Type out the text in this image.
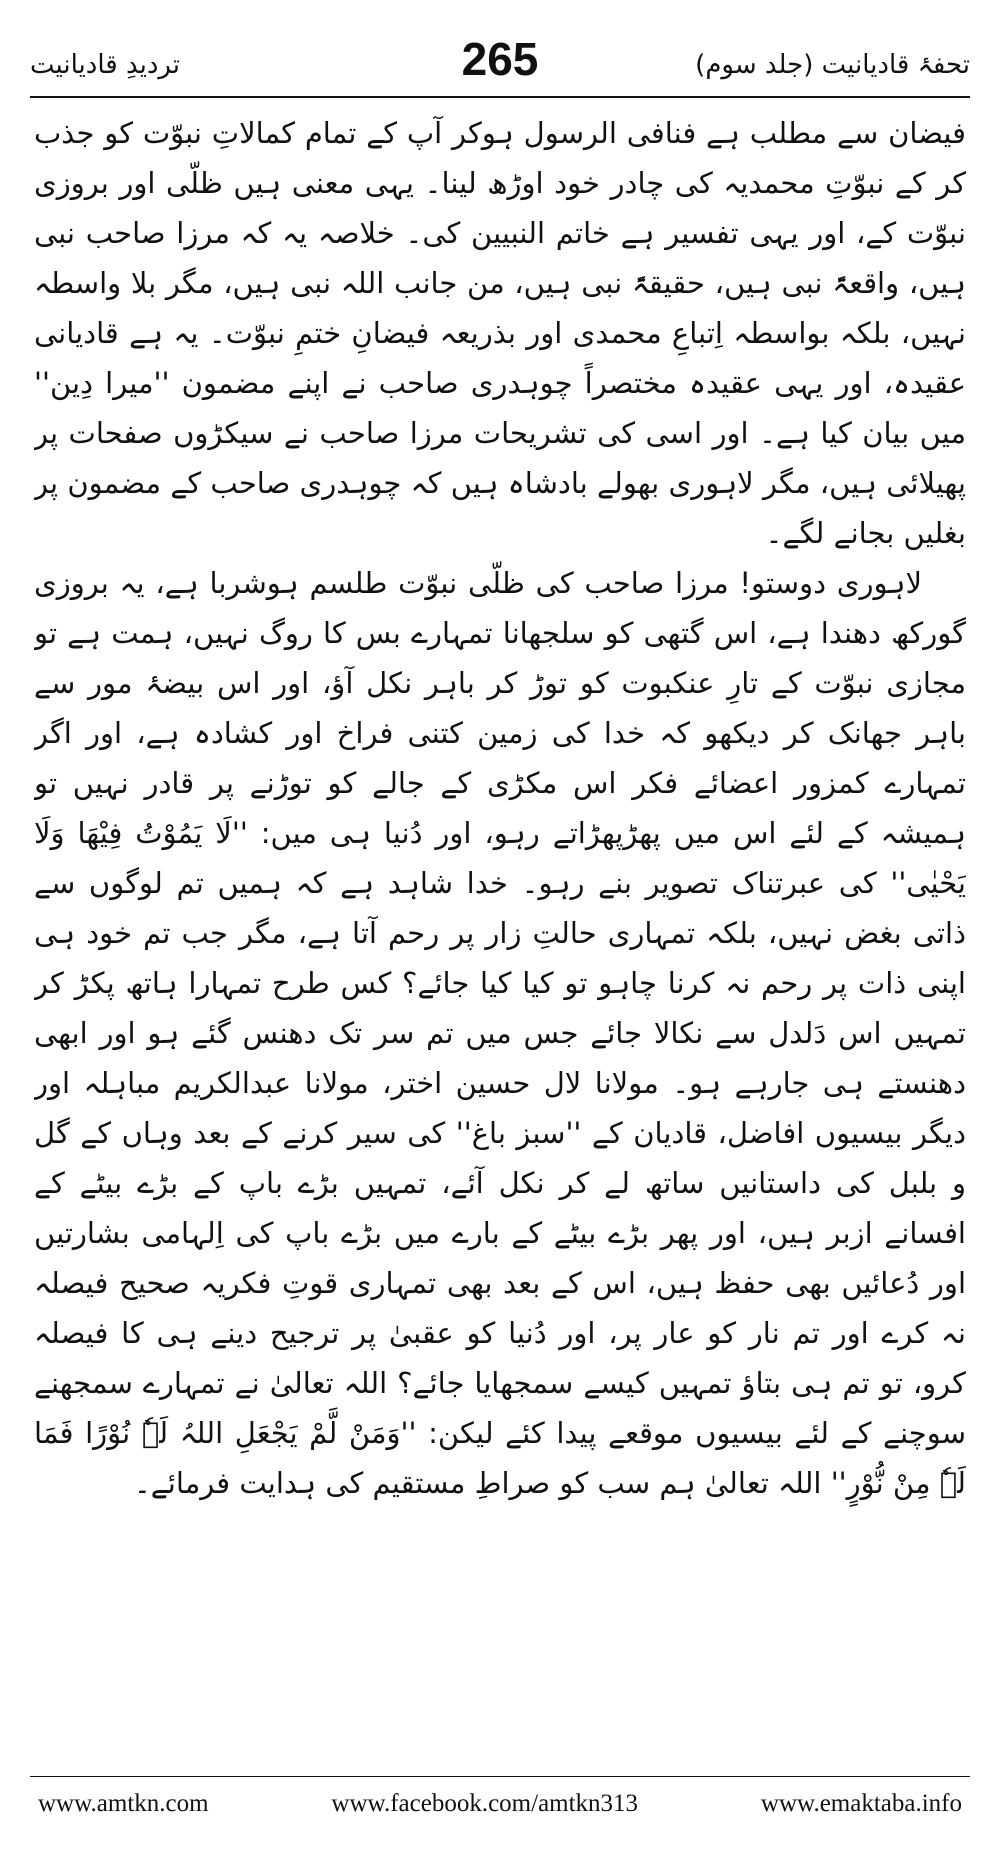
تردیدِ قادیانیت	265	تحفۂ قادیانیت (جلد سوم)

فیضان سے مطلب ہے فنافی الرسول ہوکر آپ کے تمام کمالاتِ نبوّت کو جذب کر کے نبوّتِ محمدیہ کی چادر خود اوڑھ لینا۔ یہی معنی ہیں ظلّی اور بروزی نبوّت کے، اور یہی تفسیر ہے خاتم النبیین کی۔ خلاصہ یہ کہ مرزا صاحب نبی ہیں، واقعۃً نبی ہیں، حقیقۃً نبی ہیں، من جانب اللہ نبی ہیں، مگر بلا واسطہ نہیں، بلکہ بواسطہ اِتباعِ محمدی اور بذریعہ فیضانِ ختمِ نبوّت۔ یہ ہے قادیانی عقیدہ، اور یہی عقیدہ مختصراً چوہدری صاحب نے اپنے مضمون ''میرا دِین'' میں بیان کیا ہے۔ اور اسی کی تشریحات مرزا صاحب نے سیکڑوں صفحات پر پھیلائی ہیں، مگر لاہوری بھولے بادشاہ ہیں کہ چوہدری صاحب کے مضمون پر بغلیں بجانے لگے۔

لاہوری دوستو! مرزا صاحب کی ظلّی نبوّت طلسم ہوشربا ہے، یہ بروزی گورکھ دھندا ہے، اس گتھی کو سلجھانا تمہارے بس کا روگ نہیں، ہمت ہے تو مجازی نبوّت کے تارِ عنکبوت کو توڑ کر باہر نکل آؤ، اور اس بیضۂ مور سے باہر جھانک کر دیکھو کہ خدا کی زمین کتنی فراخ اور کشادہ ہے، اور اگر تمہارے کمزور اعضائے فکر اس مکڑی کے جالے کو توڑنے پر قادر نہیں تو ہمیشہ کے لئے اس میں پھڑپھڑاتے رہو، اور دُنیا ہی میں: ''لَا یَمُوْتُ فِیْھَا وَلَا یَحْیٰی'' کی عبرتناک تصویر بنے رہو۔ خدا شاہد ہے کہ ہمیں تم لوگوں سے ذاتی بغض نہیں، بلکہ تمہاری حالتِ زار پر رحم آتا ہے، مگر جب تم خود ہی اپنی ذات پر رحم نہ کرنا چاہو تو کیا کیا جائے؟ کس طرح تمہارا ہاتھ پکڑ کر تمہیں اس دَلدل سے نکالا جائے جس میں تم سر تک دھنس گئے ہو اور ابھی دھنستے ہی جارہے ہو۔ مولانا لال حسین اختر، مولانا عبدالکریم مباہلہ اور دیگر بیسیوں افاضل، قادیان کے ''سبز باغ'' کی سیر کرنے کے بعد وہاں کے گل و بلبل کی داستانیں ساتھ لے کر نکل آئے، تمہیں بڑے باپ کے بڑے بیٹے کے افسانے ازبر ہیں، اور پھر بڑے بیٹے کے بارے میں بڑے باپ کی اِلہامی بشارتیں اور دُعائیں بھی حفظ ہیں، اس کے بعد بھی تمہاری قوتِ فکریہ صحیح فیصلہ نہ کرے اور تم نار کو عار پر، اور دُنیا کو عقبیٰ پر ترجیح دینے ہی کا فیصلہ کرو، تو تم ہی بتاؤ تمہیں کیسے سمجھایا جائے؟ اللہ تعالیٰ نے تمہارے سمجھنے سوچنے کے لئے بیسیوں موقعے پیدا کئے لیکن: ''وَمَنْ لَّمْ یَجْعَلِ اللہُ لَہٗ نُوْرًا فَمَا لَہٗ مِنْ نُّوْرٍ'' اللہ تعالیٰ ہم سب کو صراطِ مستقیم کی ہدایت فرمائے۔

www.amtkn.com	www.facebook.com/amtkn313	www.emaktaba.info
